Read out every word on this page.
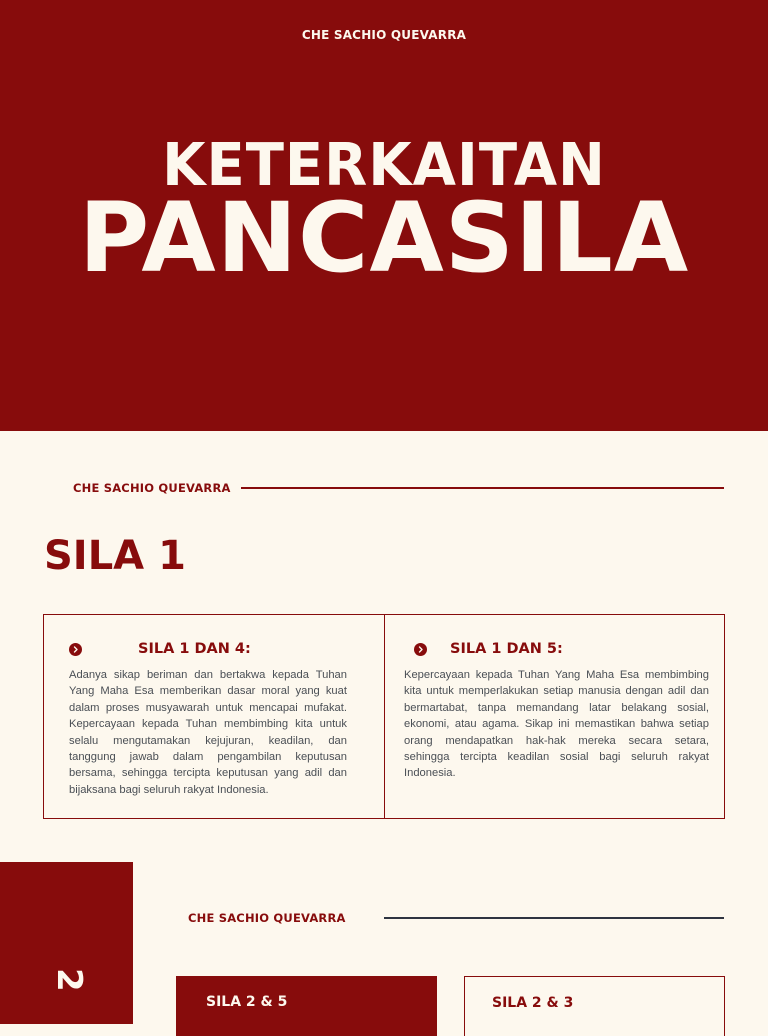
CHE SACHIO QUEVARRA
KETERKAITAN
PANCASILA
CHE SACHIO QUEVARRA
SILA 1
SILA 1 DAN 4:
Adanya sikap beriman dan bertakwa kepada Tuhan Yang Maha Esa memberikan dasar moral yang kuat dalam proses musyawarah untuk mencapai mufakat. Kepercayaan kepada Tuhan membimbing kita untuk selalu mengutamakan kejujuran, keadilan, dan tanggung jawab dalam pengambilan keputusan bersama, sehingga tercipta keputusan yang adil dan bijaksana bagi seluruh rakyat Indonesia.
SILA 1 DAN 5:
Kepercayaan kepada Tuhan Yang Maha Esa membimbing kita untuk memperlakukan setiap manusia dengan adil dan bermartabat, tanpa memandang latar belakang sosial, ekonomi, atau agama. Sikap ini memastikan bahwa setiap orang mendapatkan hak-hak mereka secara setara, sehingga tercipta keadilan sosial bagi seluruh rakyat Indonesia.
2
CHE SACHIO QUEVARRA
SILA 2 & 5	SILA 2 & 3
